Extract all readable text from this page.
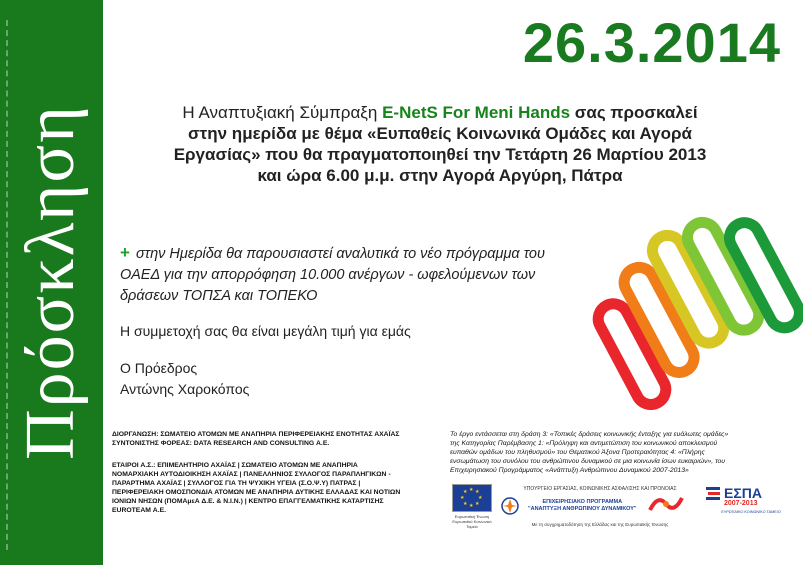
Πρόσκληση
26.3.2014
Η Αναπτυξιακή Σύμπραξη E-NetS For Meni Hands σας προσκαλεί
στην ημερίδα με θέμα «Ευπαθείς Κοινωνικά Ομάδες και Αγορά
Εργασίας» που θα πραγματοποιηθεί την Τετάρτη 26 Μαρτίου 2013
και ώρα 6.00 μ.μ. στην Αγορά Αργύρη, Πάτρα
+ στην Ημερίδα θα παρουσιαστεί αναλυτικά το νέο πρόγραμμα του
ΟΑΕΔ για την απορρόφηση 10.000 ανέργων - ωφελούμενων των
δράσεων ΤΟΠΣΑ και ΤΟΠΕΚΟ
Η συμμετοχή σας θα είναι μεγάλη τιμή για εμάς
Ο Πρόεδρος
Αντώνης Χαροκόπος
ΔΙΟΡΓΑΝΩΣΗ: ΣΩΜΑΤΕΙΟ ΑΤΟΜΩΝ ΜΕ ΑΝΑΠΗΡΙΑ ΠΕΡΙΦΕΡΕΙΑΚΗΣ ΕΝΟΤΗΤΑΣ ΑΧΑΪΑΣ
ΣΥΝΤΟΝΙΣΤΗΣ ΦΟΡΕΑΣ: DATA RESEARCH AND CONSULTING Α.Ε.
ΕΤΑΙΡΟΙ Α.Σ.: ΕΠΙΜΕΛΗΤΗΡΙΟ ΑΧΑΪΑΣ | ΣΩΜΑΤΕΙΟ ΑΤΟΜΩΝ ΜΕ ΑΝΑΠΗΡΙΑ
ΝΟΜΑΡΧΙΑΚΗ ΑΥΤΟΔΙΟΙΚΗΣΗ ΑΧΑΪΑΣ | ΠΑΝΕΛΛΗΝΙΟΣ ΣΥΛΛΟΓΟΣ ΠΑΡΑΠΛΗΓΙΚΩΝ -
ΠΑΡΑΡΤΗΜΑ ΑΧΑΪΑΣ | ΣΥΛΛΟΓΟΣ ΓΙΑ ΤΗ ΨΥΧΙΚΗ ΥΓΕΙΑ (Σ.Ο.Ψ.Υ) ΠΑΤΡΑΣ |
ΠΕΡΙΦΕΡΕΙΑΚΗ ΟΜΟΣΠΟΝΔΙΑ ΑΤΟΜΩΝ ΜΕ ΑΝΑΠΗΡΙΑ ΔΥΤΙΚΗΣ ΕΛΛΑΔΑΣ ΚΑΙ ΝΟΤΙΩΝ
ΙΟΝΙΩΝ ΝΗΣΩΝ (ΠΟΜΑμεΑ Δ.Ε. & Ν.Ι.Ν.) | ΚΕΝΤΡΟ ΕΠΑΓΓΕΛΜΑΤΙΚΗΣ ΚΑΤΑΡΤΙΣΗΣ
EUROTEAM Α.Ε.
Το έργο εντάσσεται στη δράση 3: «Τοπικές δράσεις κοινωνικής ένταξης για ευάλωτες ομάδες»
της Κατηγορίας Παρέμβασης 1: «Πρόληψη και αντιμετώπιση του κοινωνικού αποκλεισμού
ευπαθών ομάδων του πληθυσμού» του Θεματικού Άξονα Προτεραιότητας 4: «Πλήρης
ενσωμάτωση του συνόλου του ανθρώπινου δυναμικού σε μια κοινωνία ίσων ευκαιριών», του
Επιχειρησιακού Προγράμματος «Ανάπτυξη Ανθρώπινου Δυναμικού 2007-2013»
★ ★
★
★
★
★
★
★
Ευρωπαϊκή Ένωση Ευρωπαϊκό Κοινωνικό Ταμείο
ΥΠΟΥΡΓΕΙΟ ΕΡΓΑΣΙΑΣ, ΚΟΙΝΩΝΙΚΗΣ ΑΣΦΑΛΙΣΗΣ ΚΑΙ ΠΡΟΝΟΙΑΣ
ΕΠΙΧΕΙΡΗΣΙΑΚΟ ΠΡΟΓΡΑΜΜΑ
"ΑΝΑΠΤΥΞΗ ΑΝΘΡΩΠΙΝΟΥ ΔΥΝΑΜΙΚΟΥ"
Με τη συγχρηματοδότηση της Ελλάδας και της Ευρωπαϊκής Ένωσης
ΕΣΠΑ
2007-2013
ΕΥΡΩΠΑΪΚΟ ΚΟΙΝΩΝΙΚΟ ΤΑΜΕΙΟ
